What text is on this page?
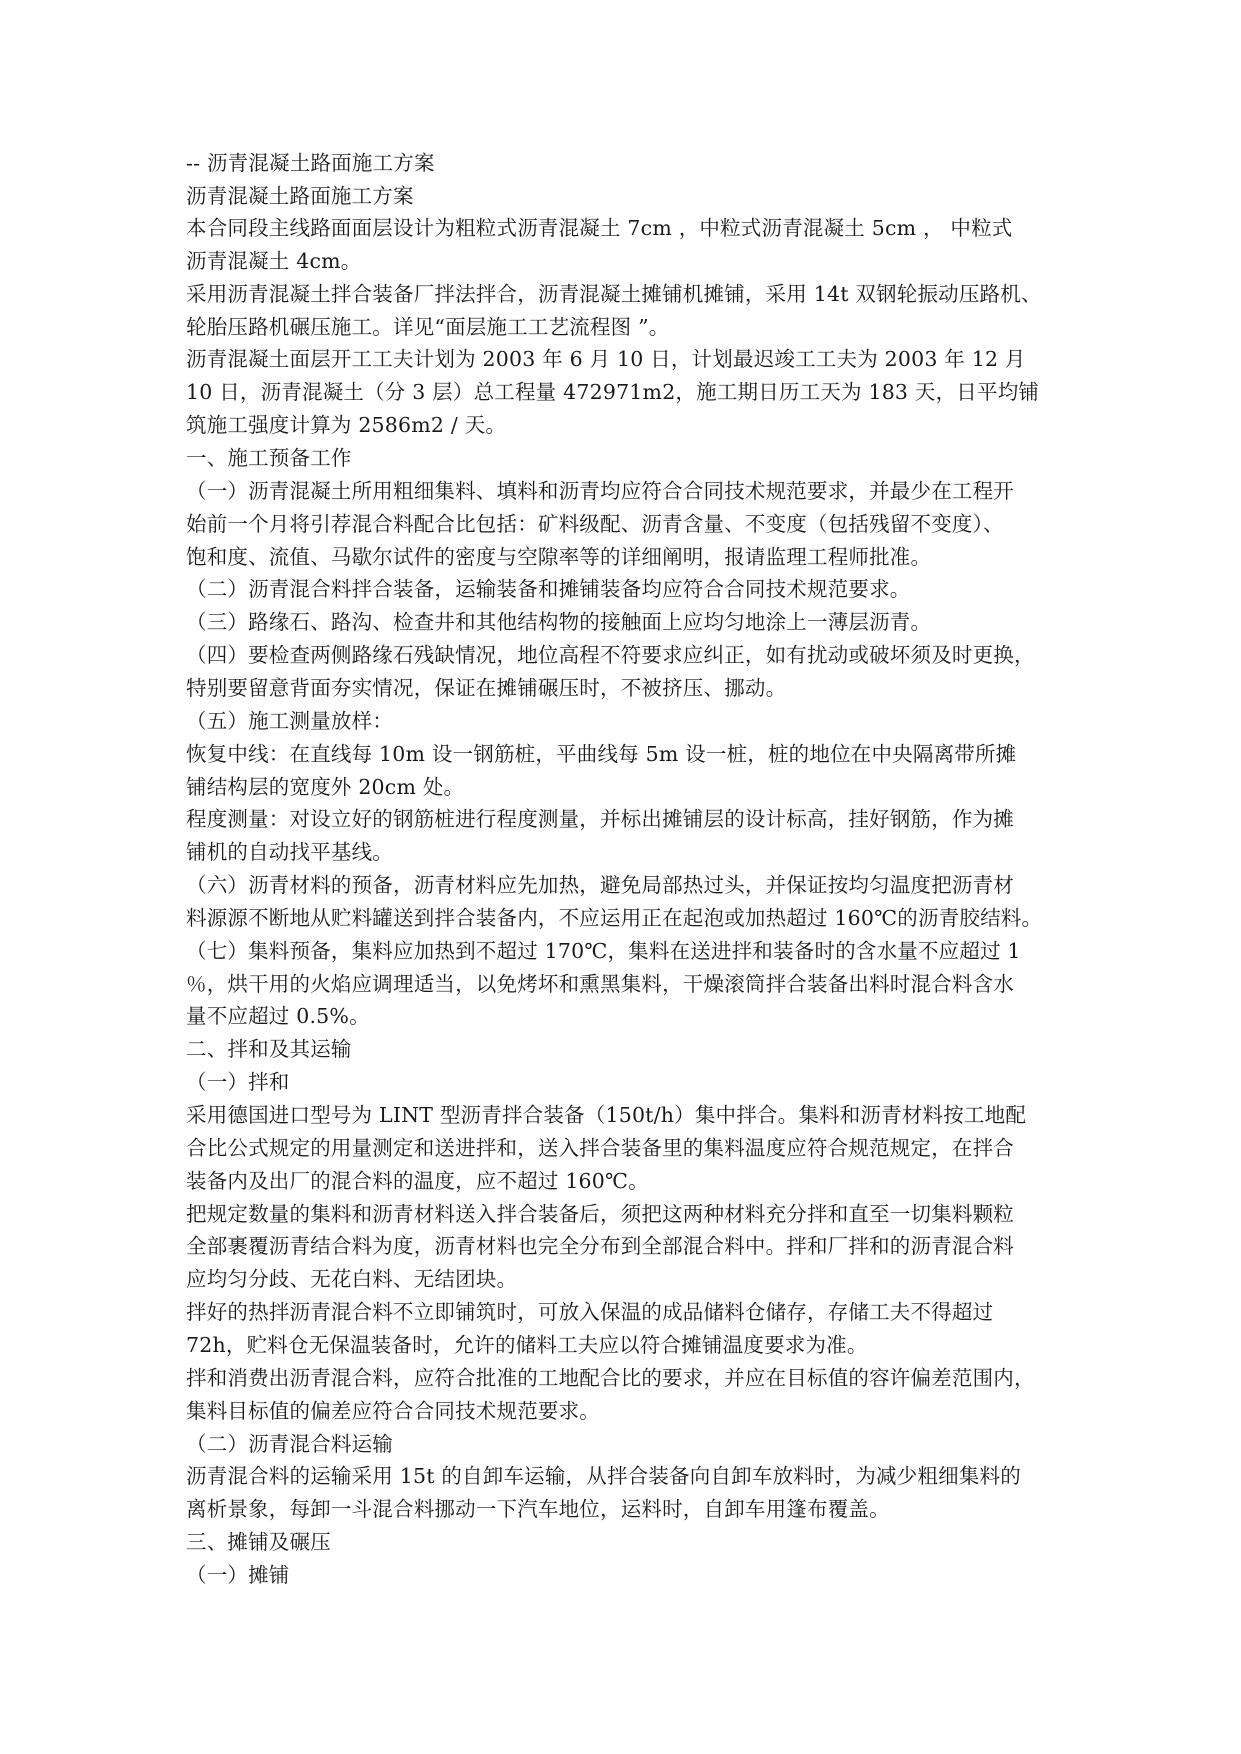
-- 沥青混凝土路面施工方案
沥青混凝土路面施工方案
本合同段主线路面面层设计为粗粒式沥青混凝土 7cm ，中粒式沥青混凝土 5cm ， 中粒式
沥青混凝土 4cm。
采用沥青混凝土拌合装备厂拌法拌合，沥青混凝土摊铺机摊铺，采用 14t 双钢轮振动压路机、
轮胎压路机碾压施工。详见“面层施工工艺流程图 ”。
沥青混凝土面层开工工夫计划为 2003 年 6 月 10 日，计划最迟竣工工夫为 2003 年 12 月
10 日，沥青混凝土（分 3 层）总工程量 472971m2，施工期日历工天为 183 天，日平均铺
筑施工强度计算为 2586m2 / 天。
一、施工预备工作
（一）沥青混凝土所用粗细集料、填料和沥青均应符合合同技术规范要求，并最少在工程开
始前一个月将引荐混合料配合比包括：矿料级配、沥青含量、不变度（包括残留不变度）、
饱和度、流值、马歇尔试件的密度与空隙率等的详细阐明，报请监理工程师批准。
（二）沥青混合料拌合装备，运输装备和摊铺装备均应符合合同技术规范要求。
（三）路缘石、路沟、检查井和其他结构物的接触面上应均匀地涂上一薄层沥青。
（四）要检查两侧路缘石残缺情况，地位高程不符要求应纠正，如有扰动或破坏须及时更换，
特别要留意背面夯实情况，保证在摊铺碾压时，不被挤压、挪动。
（五）施工测量放样：
恢复中线：在直线每 10m 设一钢筋桩，平曲线每 5m 设一桩，桩的地位在中央隔离带所摊
铺结构层的宽度外 20cm 处。
程度测量：对设立好的钢筋桩进行程度测量，并标出摊铺层的设计标高，挂好钢筋，作为摊
铺机的自动找平基线。
（六）沥青材料的预备，沥青材料应先加热，避免局部热过头，并保证按均匀温度把沥青材
料源源不断地从贮料罐送到拌合装备内，不应运用正在起泡或加热超过 160℃的沥青胶结料。
（七）集料预备，集料应加热到不超过 170℃，集料在送进拌和装备时的含水量不应超过 1
％，烘干用的火焰应调理适当，以免烤坏和熏黑集料，干燥滚筒拌合装备出料时混合料含水
量不应超过 0.5%。
二、拌和及其运输
（一）拌和
采用德国进口型号为 LINT 型沥青拌合装备（150t/h）集中拌合。集料和沥青材料按工地配
合比公式规定的用量测定和送进拌和，送入拌合装备里的集料温度应符合规范规定，在拌合
装备内及出厂的混合料的温度，应不超过 160℃。
把规定数量的集料和沥青材料送入拌合装备后，须把这两种材料充分拌和直至一切集料颗粒
全部裹覆沥青结合料为度，沥青材料也完全分布到全部混合料中。拌和厂拌和的沥青混合料
应均匀分歧、无花白料、无结团块。
拌好的热拌沥青混合料不立即铺筑时，可放入保温的成品储料仓储存，存储工夫不得超过
72h，贮料仓无保温装备时，允许的储料工夫应以符合摊铺温度要求为准。
拌和消费出沥青混合料，应符合批准的工地配合比的要求，并应在目标值的容许偏差范围内，
集料目标值的偏差应符合合同技术规范要求。
（二）沥青混合料运输
沥青混合料的运输采用 15t 的自卸车运输，从拌合装备向自卸车放料时，为减少粗细集料的
离析景象，每卸一斗混合料挪动一下汽车地位，运料时，自卸车用篷布覆盖。
三、摊铺及碾压
（一）摊铺
